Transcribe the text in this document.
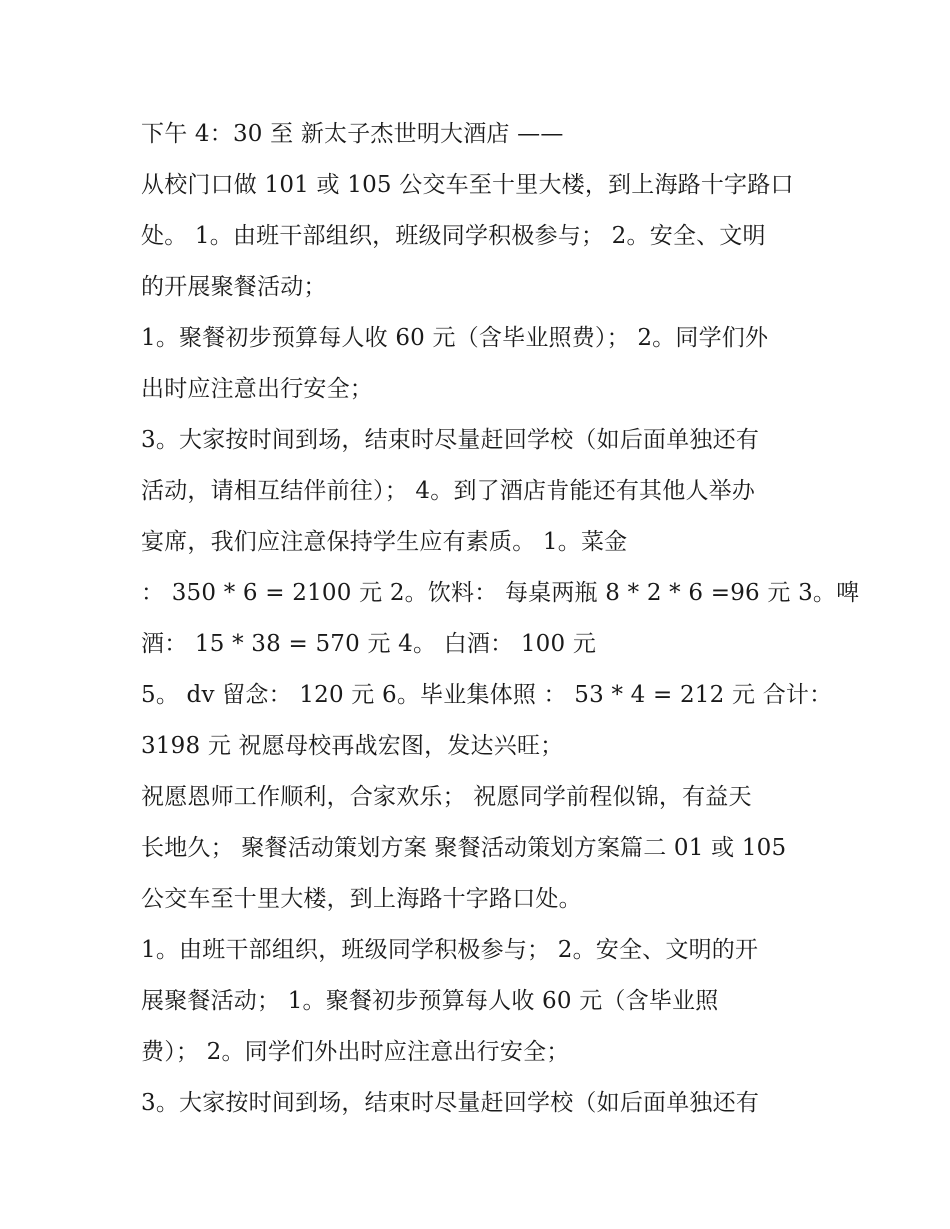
下午 4：30 至 新太子杰世明大酒店 ——
从校门口做 101 或 105 公交车至十里大楼，到上海路十字路口
处。 1。由班干部组织，班级同学积极参与； 2。安全、文明
的开展聚餐活动；
1。聚餐初步预算每人收 60 元（含毕业照费）； 2。同学们外
出时应注意出行安全；
3。大家按时间到场，结束时尽量赶回学校（如后面单独还有
活动，请相互结伴前往）； 4。到了酒店肯能还有其他人举办
宴席，我们应注意保持学生应有素质。 1。菜金
： 350 * 6 = 2100 元 2。饮料： 每桌两瓶 8 * 2 * 6 =96 元 3。啤
酒： 15 * 38 = 570 元 4。 白酒： 100 元
5。 dv 留念： 120 元 6。毕业集体照 ： 53 * 4 = 212 元 合计：
3198 元 祝愿母校再战宏图，发达兴旺；
祝愿恩师工作顺利，合家欢乐； 祝愿同学前程似锦，有益天
长地久； 聚餐活动策划方案 聚餐活动策划方案篇二 01 或 105
公交车至十里大楼，到上海路十字路口处。
1。由班干部组织，班级同学积极参与； 2。安全、文明的开
展聚餐活动； 1。聚餐初步预算每人收 60 元（含毕业照
费）； 2。同学们外出时应注意出行安全；
3。大家按时间到场，结束时尽量赶回学校（如后面单独还有
